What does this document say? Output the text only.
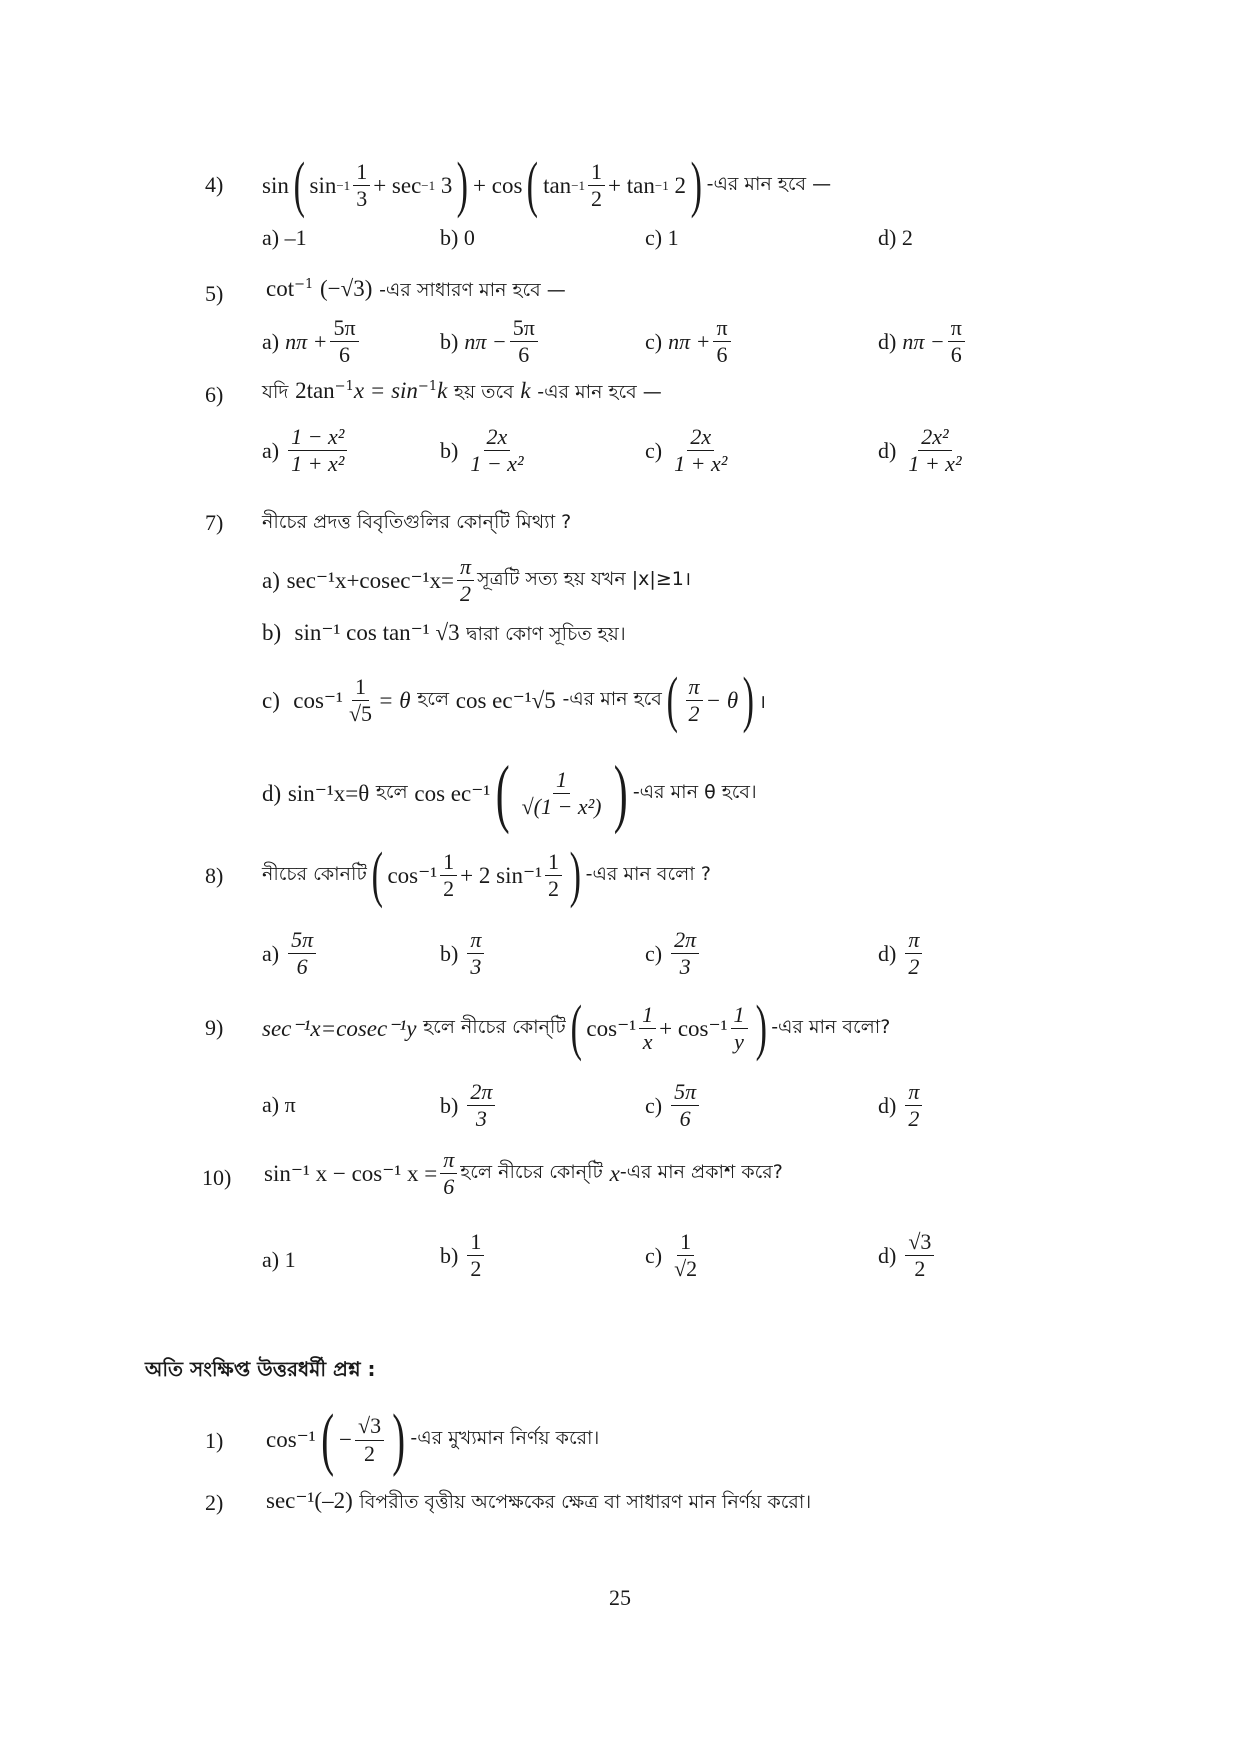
4) sin ( $\sin -1 \frac{1}{3} + \sec -1$
3 ) + cos ( $\tan -1 \frac{1}{2} + \tan -1$
2 ) -এর মান হবে —
a) –1	b) 0	c) 1	d) 2
5) $\cot^{-1} (-√3)$ -এর সাধারণ মান হবে —
a) $n\pi + \frac{5\pi}{6}$	b) $n\pi - \frac{5\pi}{6}$	c) $n\pi + \frac{\pi}{6}$	d) $n\pi - \frac{\pi}{6}$
6) যদি $2\tan^{-1}x = \sin^{-1}k$ হয় তবে k -এর মান হবে —
$a) \frac{\text{1 − x²}}{\text{1 + x²}}$	$b) \frac{2x}{\text{1 − x²}}$	$c) \frac{2x}{\text{1 + x²}}$	$d) \frac{\text{2x²}}{\text{1 + x²}}$
7) নীচের প্রদত্ত বিবৃতিগুলির কোন্‌টি মিথ্যা ?
a)
$\sec^{-1}x+cosec^{-1}x= \frac{\pi}{2}$ সূত্রটি সত্য হয় যখন |x|≥1।
b) sin⁻¹ cos tan⁻¹ √3 দ্বারা কোণ সূচিত হয়।
c)
$\cos^{-1} \frac{1}{√5} = \theta$
হলে
cos ec⁻¹√5
-এর মান হবে ( $\frac{\pi}{2} - \theta$ ) ।
d)
sin⁻¹x=θ
হলে
cos ec⁻¹ ( $\frac{1}{\text{√(1 − x²)}}$ ) -এর মান θ হবে।
8) নীচের কোনটি ( $\cos^{-1} \frac{1}{2} + 2$ $\sin^{-1} \frac{1}{2}$ ) -এর মান বলো ?
$a) \frac{5\pi}{6}$	$b) \frac{\pi}{3}$	$c) \frac{2\pi}{3}$	$d) \frac{\pi}{2}$
9) sec⁻¹x=cosec⁻¹y
হলে নীচের কোন্‌টি ( $\cos^{-1} \frac{1}{x} + \cos^{-1} \frac{1}{y}$ ) -এর মান বলো?
a) π	$b) \frac{2\pi}{3}$	$c) \frac{5\pi}{6}$	$d) \frac{\pi}{2}$
10) sin⁻¹ x − cos⁻¹ $x = \frac{\pi}{6}$ হলে নীচের কোন্‌টি
x -এর মান প্রকাশ করে?
a) 1	$b) \frac{1}{2}$	$c) \frac{1}{√2}$	$d) \frac{√3}{2}$
অতি সংক্ষিপ্ত উত্তরধর্মী প্রশ্ন :
1) cos⁻¹ ( − $\frac{√3}{2}$ ) -এর মুখ্যমান নির্ণয় করো।
2) sec⁻¹(–2) বিপরীত বৃত্তীয় অপেক্ষকের ক্ষেত্র বা সাধারণ মান নির্ণয় করো।
25
